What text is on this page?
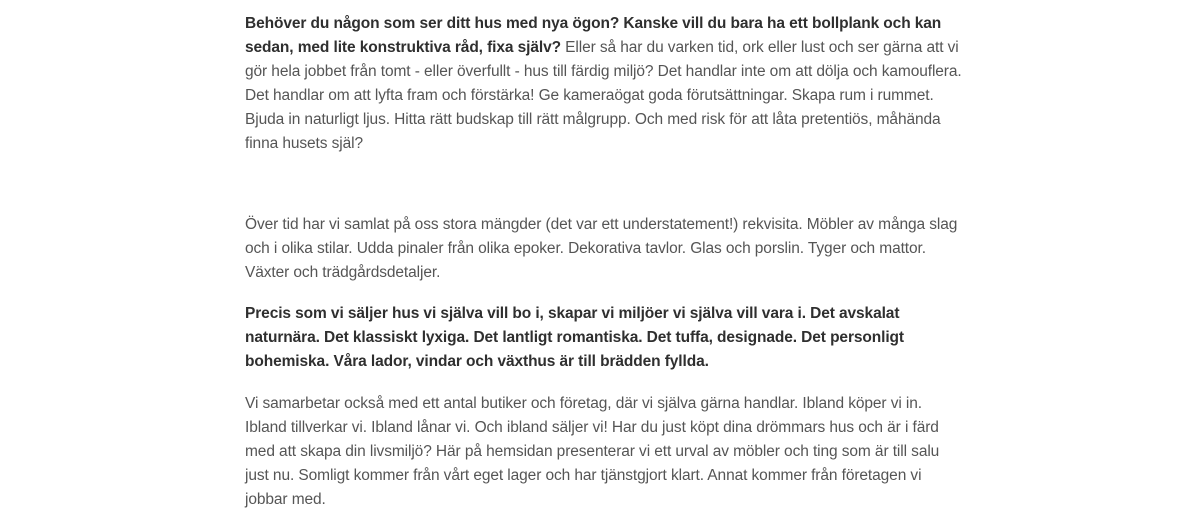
Behöver du någon som ser ditt hus med nya ögon? Kanske vill du bara ha ett bollplank och kan sedan, med lite konstruktiva råd, fixa själv? Eller så har du varken tid, ork eller lust och ser gärna att vi gör hela jobbet från tomt - eller överfullt - hus till färdig miljö? Det handlar inte om att dölja och kamouflera. Det handlar om att lyfta fram och förstärka! Ge kameraögat goda förutsättningar. Skapa rum i rummet. Bjuda in naturligt ljus. Hitta rätt budskap till rätt målgrupp. Och med risk för att låta pretentiös, måhända finna husets själ?

Över tid har vi samlat på oss stora mängder (det var ett understatement!) rekvisita. Möbler av många slag och i olika stilar. Udda pinaler från olika epoker. Dekorativa tavlor. Glas och porslin. Tyger och mattor. Växter och trädgårdsdetaljer.

Precis som vi säljer hus vi själva vill bo i, skapar vi miljöer vi själva vill vara i. Det avskalat naturnära. Det klassiskt lyxiga. Det lantligt romantiska. Det tuffa, designade. Det personligt bohemiska. Våra lador, vindar och växthus är till brädden fyllda.

Vi samarbetar också med ett antal butiker och företag, där vi själva gärna handlar. Ibland köper vi in. Ibland tillverkar vi. Ibland lånar vi. Och ibland säljer vi! Har du just köpt dina drömmars hus och är i färd med att skapa din livsmiljö? Här på hemsidan presenterar vi ett urval av möbler och ting som är till salu just nu. Somligt kommer från vårt eget lager och har tjänstgjort klart. Annat kommer från företagen vi jobbar med.
